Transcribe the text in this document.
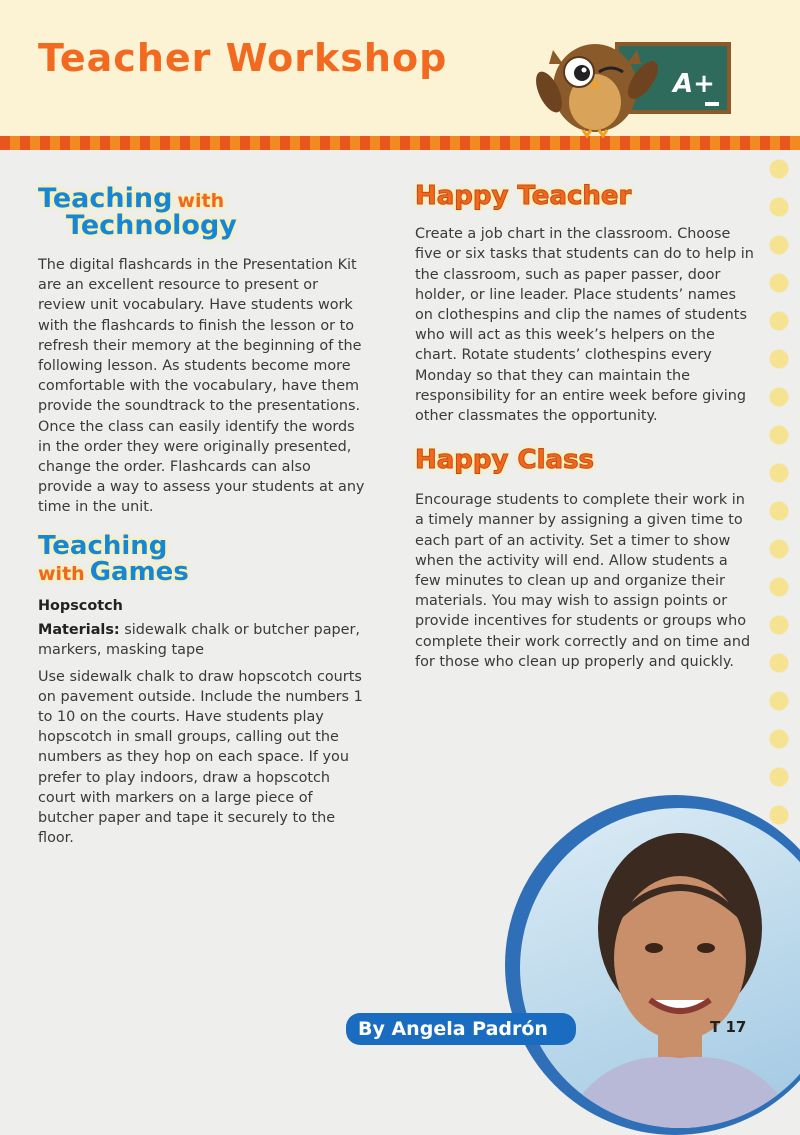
Teacher Workshop
A+
Teaching with
Technology

The digital flashcards in the Presentation Kit are an excellent resource to present or review unit vocabulary. Have students work with the flashcards to finish the lesson or to refresh their memory at the beginning of the following lesson. As students become more comfortable with the vocabulary, have them provide the soundtrack to the presentations. Once the class can easily identify the words in the order they were originally presented, change the order. Flashcards can also provide a way to assess your students at any time in the unit.

Teaching
with Games

Hopscotch

Materials: sidewalk chalk or butcher paper, markers, masking tape

Use sidewalk chalk to draw hopscotch courts on pavement outside. Include the numbers 1 to 10 on the courts. Have students play hopscotch in small groups, calling out the numbers as they hop on each space. If you prefer to play indoors, draw a hopscotch court with markers on a large piece of butcher paper and tape it securely to the floor.

Happy Teacher

Create a job chart in the classroom. Choose five or six tasks that students can do to help in the classroom, such as paper passer, door holder, or line leader. Place students’ names on clothespins and clip the names of students who will act as this week’s helpers on the chart. Rotate students’ clothespins every Monday so that they can maintain the responsibility for an entire week before giving other classmates the opportunity.

Happy Class

Encourage students to complete their work in a timely manner by assigning a given time to each part of an activity. Set a timer to show when the activity will end. Allow students a few minutes to clean up and organize their materials. You may wish to assign points or provide incentives for students or groups who complete their work correctly and on time and for those who clean up properly and quickly.

By Angela Padrón	T 17
